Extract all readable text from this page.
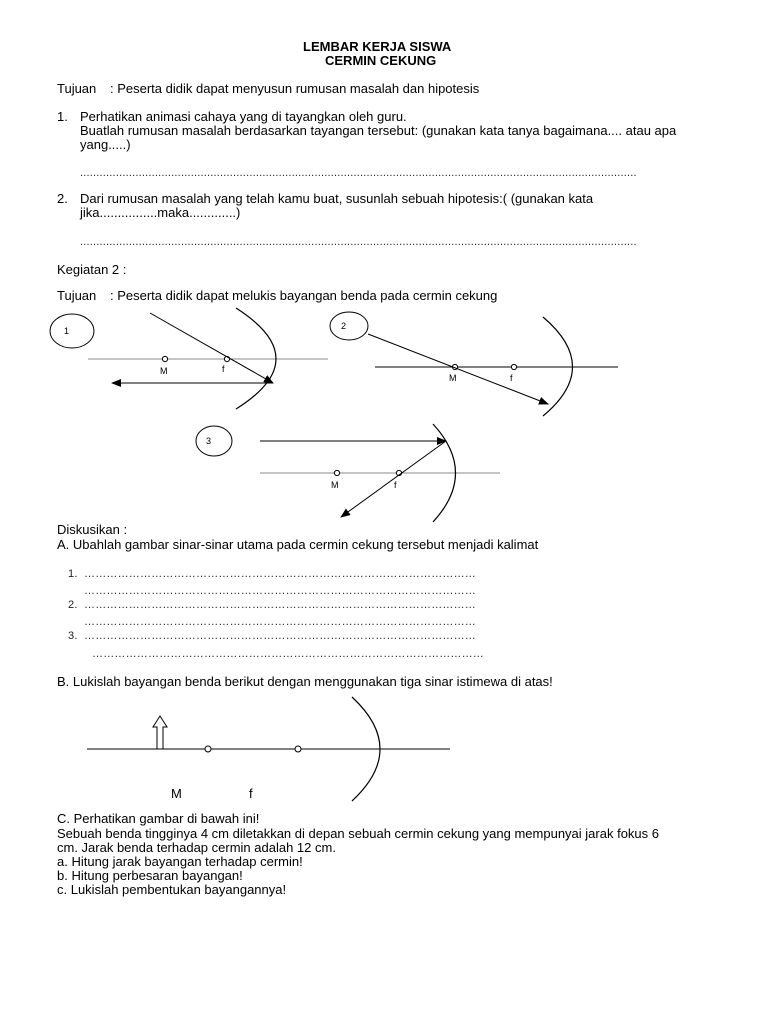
LEMBAR KERJA SISWA
CERMIN CEKUNG
Tujuan : Peserta didik dapat menyusun rumusan masalah dan hipotesis
1. Perhatikan animasi cahaya yang di tayangkan oleh guru.
Buatlah rumusan masalah berdasarkan tayangan tersebut: (gunakan kata tanya bagaimana.... atau apa
yang.....)
...........................................................................................................................................................................
2. Dari rumusan masalah yang telah kamu buat, susunlah sebuah hipotesis:( (gunakan kata
jika................maka.............)
...........................................................................................................................................................................
Kegiatan 2 :
Tujuan : Peserta didik dapat melukis bayangan benda pada cermin cekung
1
M	f
2
M	f
3
M	f
Diskusikan :
A. Ubahlah gambar sinar-sinar utama pada cermin cekung tersebut menjadi kalimat
1. ……………………………………………………………………………………………
……………………………………………………………………………………………
2. ……………………………………………………………………………………………
……………………………………………………………………………………………
3. ……………………………………………………………………………………………
……………………………………………………………………………………………
B. Lukislah bayangan benda berikut dengan menggunakan tiga sinar istimewa di atas!
M	f
C. Perhatikan gambar di bawah ini!
Sebuah benda tingginya 4 cm diletakkan di depan sebuah cermin cekung yang mempunyai jarak fokus 6
cm. Jarak benda terhadap cermin adalah 12 cm.
a. Hitung jarak bayangan terhadap cermin!
b. Hitung perbesaran bayangan!
c. Lukislah pembentukan bayangannya!
